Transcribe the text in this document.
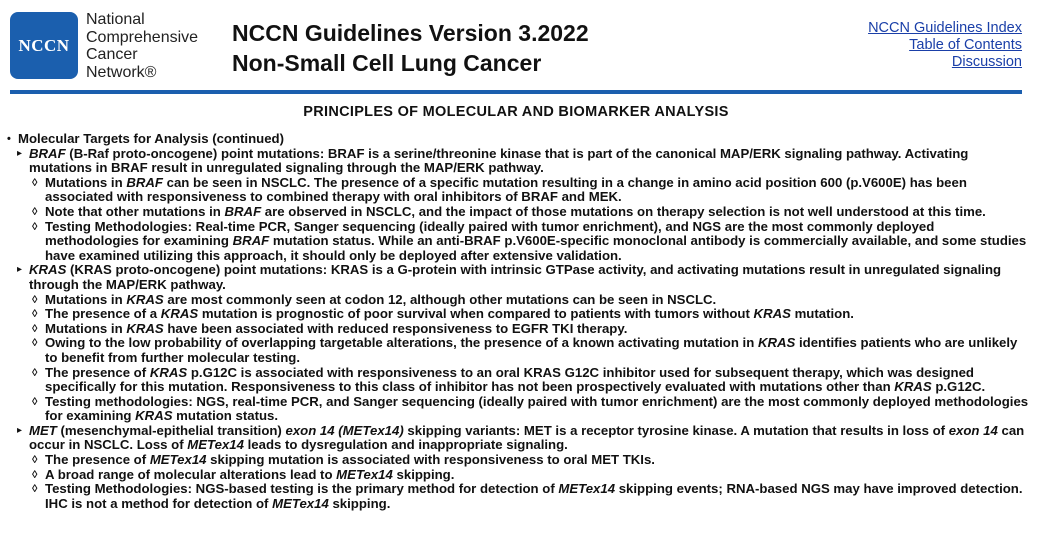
NCCN
National
Comprehensive
Cancer
Network®
NCCN Guidelines Version 3.2022
Non-Small Cell Lung Cancer
NCCN Guidelines Index
Table of Contents
Discussion
PRINCIPLES OF MOLECULAR AND BIOMARKER ANALYSIS
• Molecular Targets for Analysis (continued)
▸ BRAF (B-Raf proto-oncogene) point mutations: BRAF is a serine/threonine kinase that is part of the canonical MAP/ERK signaling pathway. Activating mutations in BRAF result in unregulated signaling through the MAP/ERK pathway.
◊ Mutations in BRAF can be seen in NSCLC. The presence of a specific mutation resulting in a change in amino acid position 600 (p.V600E) has been associated with responsiveness to combined therapy with oral inhibitors of BRAF and MEK.
◊ Note that other mutations in BRAF are observed in NSCLC, and the impact of those mutations on therapy selection is not well understood at this time.
◊ Testing Methodologies: Real-time PCR, Sanger sequencing (ideally paired with tumor enrichment), and NGS are the most commonly deployed methodologies for examining BRAF mutation status. While an anti-BRAF p.V600E-specific monoclonal antibody is commercially available, and some studies have examined utilizing this approach, it should only be deployed after extensive validation.
▸ KRAS (KRAS proto-oncogene) point mutations: KRAS is a G-protein with intrinsic GTPase activity, and activating mutations result in unregulated signaling through the MAP/ERK pathway.
◊ Mutations in KRAS are most commonly seen at codon 12, although other mutations can be seen in NSCLC.
◊ The presence of a KRAS mutation is prognostic of poor survival when compared to patients with tumors without KRAS mutation.
◊ Mutations in KRAS have been associated with reduced responsiveness to EGFR TKI therapy.
◊ Owing to the low probability of overlapping targetable alterations, the presence of a known activating mutation in KRAS identifies patients who are unlikely to benefit from further molecular testing.
◊ The presence of KRAS p.G12C is associated with responsiveness to an oral KRAS G12C inhibitor used for subsequent therapy, which was designed specifically for this mutation. Responsiveness to this class of inhibitor has not been prospectively evaluated with mutations other than KRAS p.G12C.
◊ Testing methodologies: NGS, real-time PCR, and Sanger sequencing (ideally paired with tumor enrichment) are the most commonly deployed methodologies for examining KRAS mutation status.
▸ MET (mesenchymal-epithelial transition) exon 14 (METex14) skipping variants: MET is a receptor tyrosine kinase. A mutation that results in loss of exon 14 can occur in NSCLC. Loss of METex14 leads to dysregulation and inappropriate signaling.
◊ The presence of METex14 skipping mutation is associated with responsiveness to oral MET TKIs.
◊ A broad range of molecular alterations lead to METex14 skipping.
◊ Testing Methodologies: NGS-based testing is the primary method for detection of METex14 skipping events; RNA-based NGS may have improved detection. IHC is not a method for detection of METex14 skipping.
